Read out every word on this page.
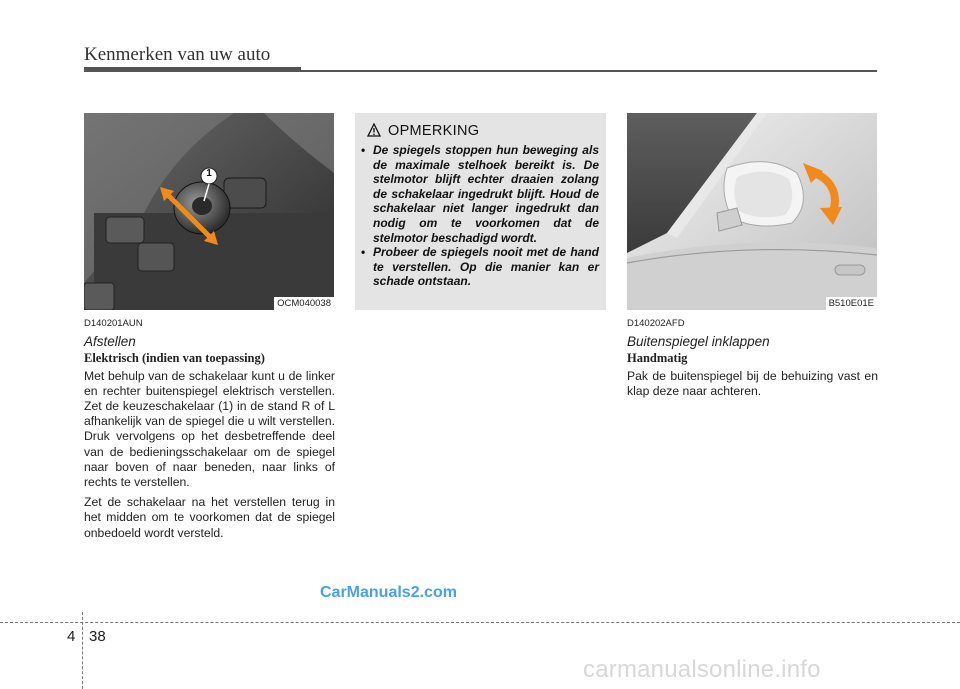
Kenmerken van uw auto
1
OCM040038
D140201AUN
Afstellen
Elektrisch (indien van toepassing)

Met behulp van de schakelaar kunt u de linker en rechter buitenspiegel elektrisch verstellen. Zet de keuzeschakelaar (1) in de stand R of L afhankelijk van de spiegel die u wilt verstellen. Druk vervolgens op het desbetreffende deel van de bedieningsschakelaar om de spiegel naar boven of naar beneden, naar links of rechts te verstellen.

Zet de schakelaar na het verstellen terug in het midden om te voorkomen dat de spiegel onbedoeld wordt versteld.

OPMERKING
• De spiegels stoppen hun beweging als de maximale stelhoek bereikt is. De stelmotor blijft echter draaien zolang de schakelaar ingedrukt blijft. Houd de schakelaar niet langer ingedrukt dan nodig om te voorkomen dat de stelmotor beschadigd wordt.
• Probeer de spiegels nooit met de hand te verstellen. Op die manier kan er schade ontstaan.
B510E01E
D140202AFD
Buitenspiegel inklappen
Handmatig

Pak de buitenspiegel bij de behuizing vast en klap deze naar achteren.

CarManuals2.com
carmanualsonline.info
4 38
